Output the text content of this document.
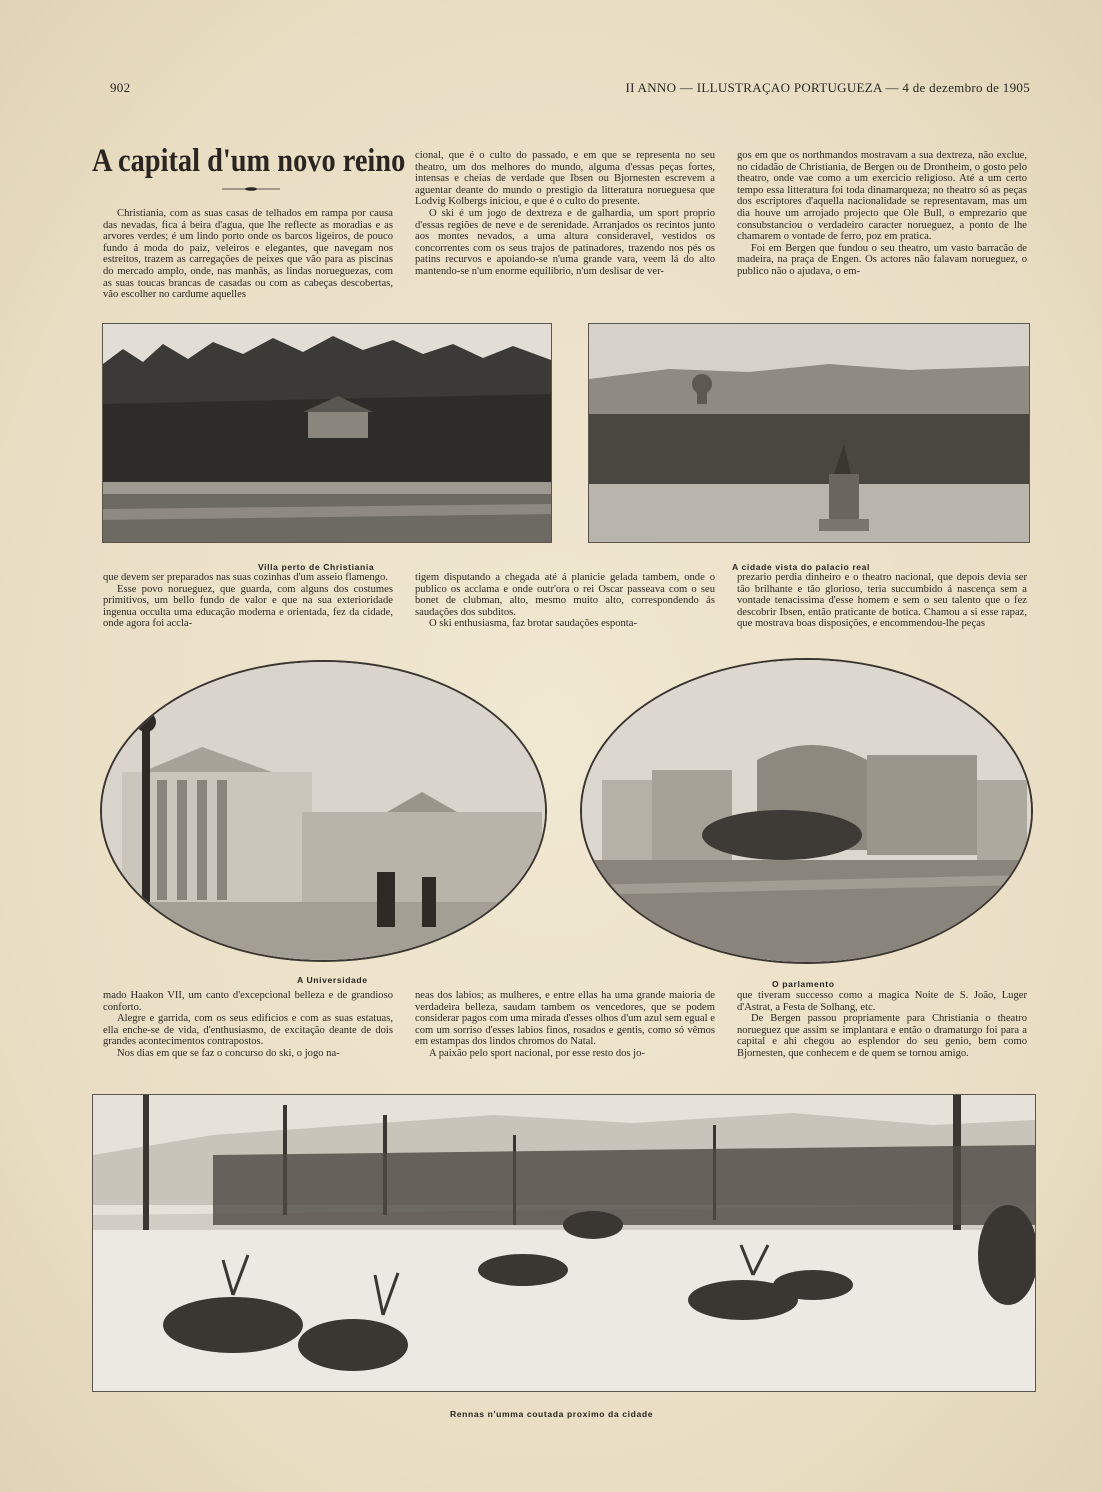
902	II ANNO — ILLUSTRAÇAO PORTUGUEZA — 4 de dezembro de 1905
A capital d'um novo reino

Christiania, com as suas casas de telhados em rampa por causa das nevadas, fica á beira d'agua, que lhe reflecte as moradias e as arvores verdes; é um lindo porto onde os barcos ligeiros, de pouco fundo á moda do paiz, veleiros e elegantes, que navegam nos estreitos, trazem as carregações de peixes que vão para as piscinas do mercado amplo, onde, nas manhãs, as lindas norueguezas, com as suas toucas brancas de casadas ou com as cabeças descobertas, vão escolher no cardume aquelles

cional, que é o culto do passado, e em que se representa no seu theatro, um dos melhores do mundo, alguma d'essas peças fortes, intensas e cheias de verdade que Ibsen ou Bjornesten escrevem a aguentar deante do mundo o prestigio da litteratura norueguesa que Lodvig Kolbergs iniciou, e que é o culto do presente.

O ski é um jogo de dextreza e de galhardia, um sport proprio d'essas regiões de neve e de serenidade. Arranjados os recintos junto aos montes nevados, a uma altura consideravel, vestidos os concorrentes com os seus trajos de patinadores, trazendo nos pés os patins recurvos e apoiando-se n'uma grande vara, veem lá do alto mantendo-se n'um enorme equilibrio, n'um deslisar de ver-

gos em que os northmandos mostravam a sua dextreza, não exclue, no cidadão de Christiania, de Bergen ou de Drontheim, o gosto pelo theatro, onde vae como a um exercicio religioso. Até a um certo tempo essa litteratura foi toda dinamarqueza; no theatro só as peças dos escriptores d'aquella nacionalidade se representavam, mas um dia houve um arrojado projecto que Ole Bull, o emprezario que consubstanciou o verdadeiro caracter norueguez, a ponto de lhe chamarem o vontade de ferro, poz em pratica.

Foi em Bergen que fundou o seu theatro, um vasto barracão de madeira, na praça de Engen. Os actores não falavam norueguez, o publico não o ajudava, o em-

Villa perto de Christiania	A cidade vista do palacio real

que devem ser preparados nas suas cozinhas d'um asseio flamengo.

Esse povo norueguez, que guarda, com alguns dos costumes primitivos, um bello fundo de valor e que na sua exterioridade ingenua occulta uma educação moderna e orientada, fez da cidade, onde agora foi accla-

tigem disputando a chegada até á planicie gelada tambem, onde o publico os acclama e onde outr'ora o rei Oscar passeava com o seu bonet de clubman, alto, mesmo muito alto, correspondendo ás saudações dos subditos.

O ski enthusiasma, faz brotar saudações esponta-

prezario perdia dinheiro e o theatro nacional, que depois devia ser tão brilhante e tão glorioso, teria succumbido á nascença sem a vontade tenacissima d'esse homem e sem o seu talento que o fez descobrir Ibsen, então praticante de botica. Chamou a si esse rapaz, que mostrava boas disposições, e encommendou-lhe peças

A Universidade	O parlamento

mado Haakon VII, um canto d'excepcional belleza e de grandioso conforto.

Alegre e garrida, com os seus edificios e com as suas estatuas, ella enche-se de vida, d'enthusiasmo, de excitação deante de dois grandes acontecimentos contrapostos.

Nos dias em que se faz o concurso do ski, o jogo na-

neas dos labios; as mulheres, e entre ellas ha uma grande maioria de verdadeira belleza, saudam tambem os vencedores, que se podem considerar pagos com uma mirada d'esses olhos d'um azul sem egual e com um sorriso d'esses labios finos, rosados e gentis, como só vêmos em estampas dos lindos chromos do Natal.

A paixão pelo sport nacional, por esse resto dos jo-

que tiveram successo como a magica Noite de S. João, Luger d'Astrat, a Festa de Solhang, etc.

De Bergen passou propriamente para Christiania o theatro norueguez que assim se implantara e então o dramaturgo foi para a capital e ahi chegou ao esplendor do seu genio, bem como Bjornesten, que conhecem e de quem se tornou amigo.

Rennas n'umma coutada proximo da cidade
